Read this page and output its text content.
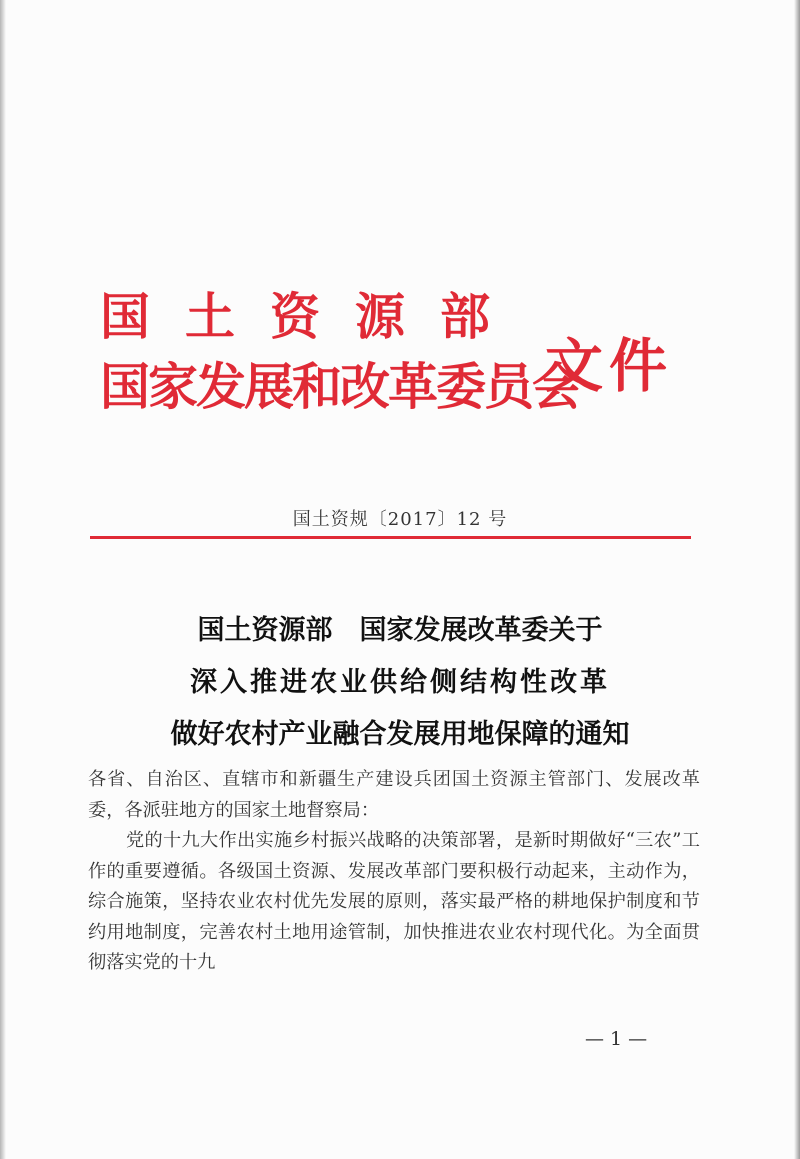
国土资源部
国家发展和改革委员会
文件
国土资规〔2017〕12 号
国土资源部　国家发展改革委关于
深入推进农业供给侧结构性改革
做好农村产业融合发展用地保障的通知

各省、自治区、直辖市和新疆生产建设兵团国土资源主管部门、发展改革委，各派驻地方的国家土地督察局：

党的十九大作出实施乡村振兴战略的决策部署，是新时期做好“三农”工作的重要遵循。各级国土资源、发展改革部门要积极行动起来，主动作为，综合施策，坚持农业农村优先发展的原则，落实最严格的耕地保护制度和节约用地制度，完善农村土地用途管制，加快推进农业农村现代化。为全面贯彻落实党的十九

— 1 —
